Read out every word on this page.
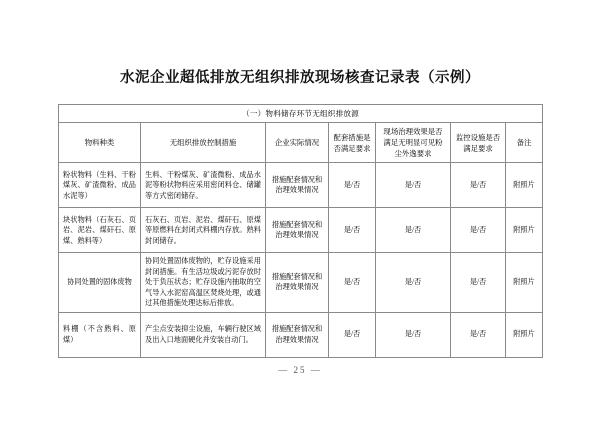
水泥企业超低排放无组织排放现场核查记录表（示例）
（一）物料储存环节无组织排放源						
物料种类	无组织排放控制措施	企业实际情况	配套措施是否满足要求	现场治理效果是否满足无明显可见粉尘外逸要求	监控设施是否满足要求	备注
粉状物料（生料、干粉煤灰、矿渣微粉、成品水泥等）	生料、干粉煤灰、矿渣微粉、成品水泥等粉状物料应采用密闭料仓、储罐等方式密闭储存。	措施配套情况和治理效果情况	是/否	是/否	是/否	附照片
块状物料（石灰石、页岩、泥岩、煤矸石、原煤、熟料等）	石灰石、页岩、泥岩、煤矸石、原煤等原燃料在封闭式料棚内存放。熟料封闭储存。	措施配套情况和治理效果情况	是/否	是/否	是/否	附照片
协同处置的固体废物	协同处置固体废物的，贮存设施采用封闭措施。有生活垃圾或污泥存放时处于负压状态；贮存设施内抽取的空气导入水泥窑高温区焚烧处理，或通过其他措施处理达标后排放。	措施配套情况和治理效果情况	是/否	是/否	是/否	附照片
料棚（不含熟料、原煤）	产尘点安装抑尘设施，车辆行驶区域及出入口地面硬化并安装自动门。	措施配套情况和治理效果情况	是/否	是/否	是/否	附照片
— 25 —
